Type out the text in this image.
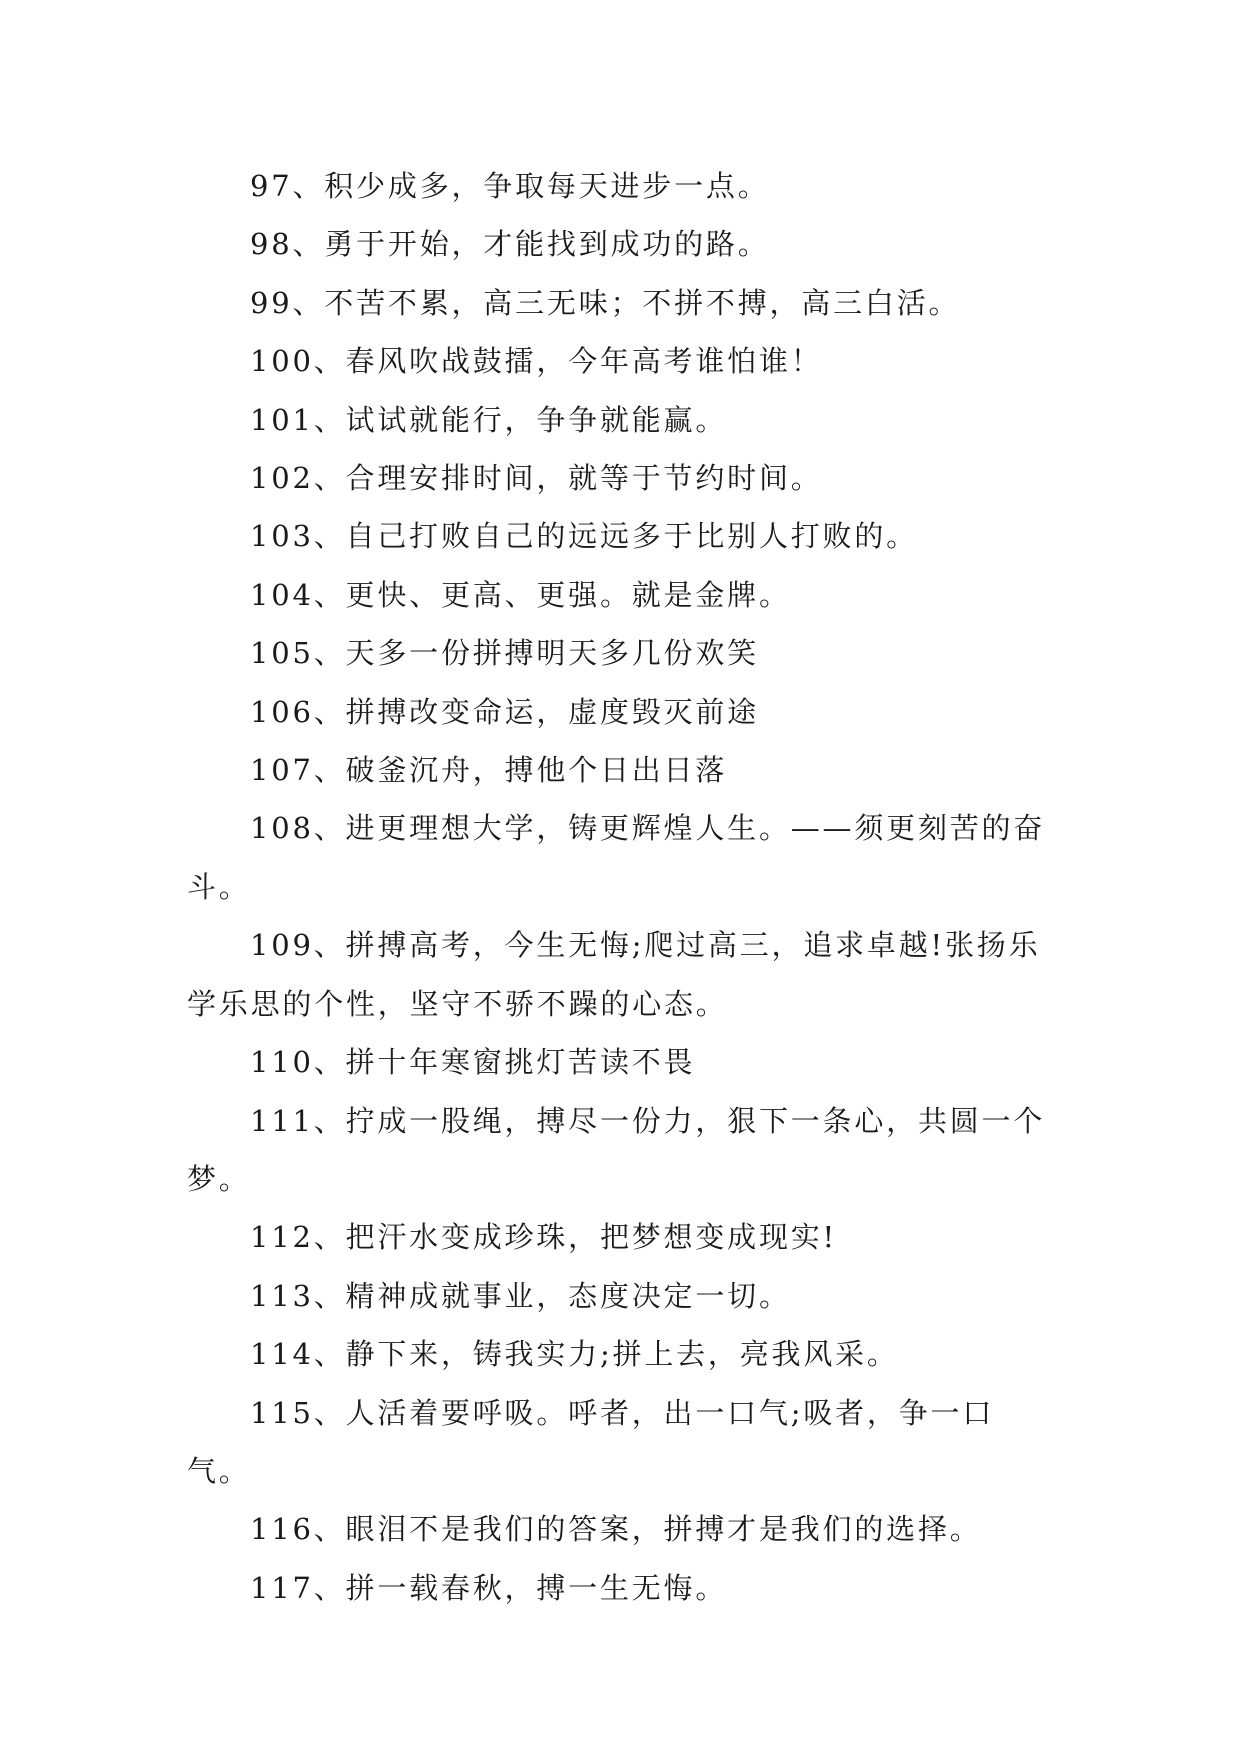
97、积少成多，争取每天进步一点。

98、勇于开始，才能找到成功的路。

99、不苦不累，高三无味；不拼不搏，高三白活。

100、春风吹战鼓擂，今年高考谁怕谁！

101、试试就能行，争争就能赢。

102、合理安排时间，就等于节约时间。

103、自己打败自己的远远多于比别人打败的。

104、更快、更高、更强。就是金牌。

105、天多一份拼搏明天多几份欢笑

106、拼搏改变命运，虚度毁灭前途

107、破釜沉舟，搏他个日出日落

108、进更理想大学，铸更辉煌人生。——须更刻苦的奋斗。

109、拼搏高考，今生无悔;爬过高三，追求卓越!张扬乐学乐思的个性，坚守不骄不躁的心态。

110、拼十年寒窗挑灯苦读不畏

111、拧成一股绳，搏尽一份力，狠下一条心，共圆一个梦。

112、把汗水变成珍珠，把梦想变成现实!

113、精神成就事业，态度决定一切。

114、静下来，铸我实力;拼上去，亮我风采。

115、人活着要呼吸。呼者，出一口气;吸者，争一口气。

116、眼泪不是我们的答案，拼搏才是我们的选择。

117、拼一载春秋，搏一生无悔。
